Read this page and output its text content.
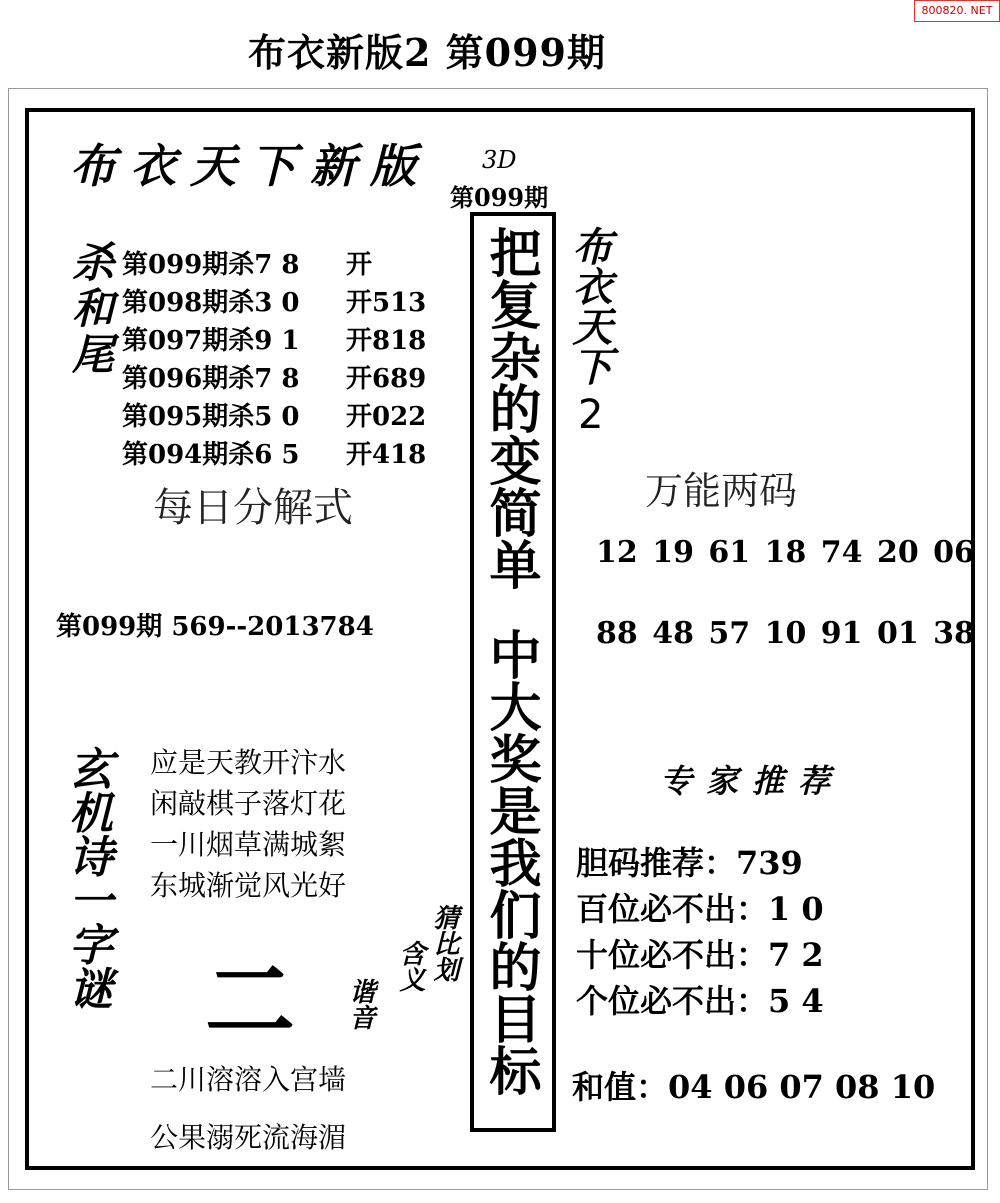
800820. NET
布衣新版2 第099期
布衣天下新版 3D
第099期
杀和尾 第099期杀7 8 开
第098期杀3 0 开513
第097期杀9 1 开818
第096期杀7 8 开689
第095期杀5 0 开022
第094期杀6 5 开418
每日分解式
第099期 569--2013784
把复杂的变简单
中大奖是我们的目标
布衣天下
2
万能两码
12 19 61 18 74 20 06
88 48 57 10 91 01 38
专家推荐
胆码推荐：739
百位必不出：1 0
十位必不出：7 2
个位必不出：5 4
和值：04 06 07 08 10
玄机诗一字谜 应是天教开汴水
闲敲棋子落灯花
一川烟草满城絮
东城渐觉风光好
二
猜比划
含义
谐音
二川溶溶入宫墙
公果溺死流海湄
